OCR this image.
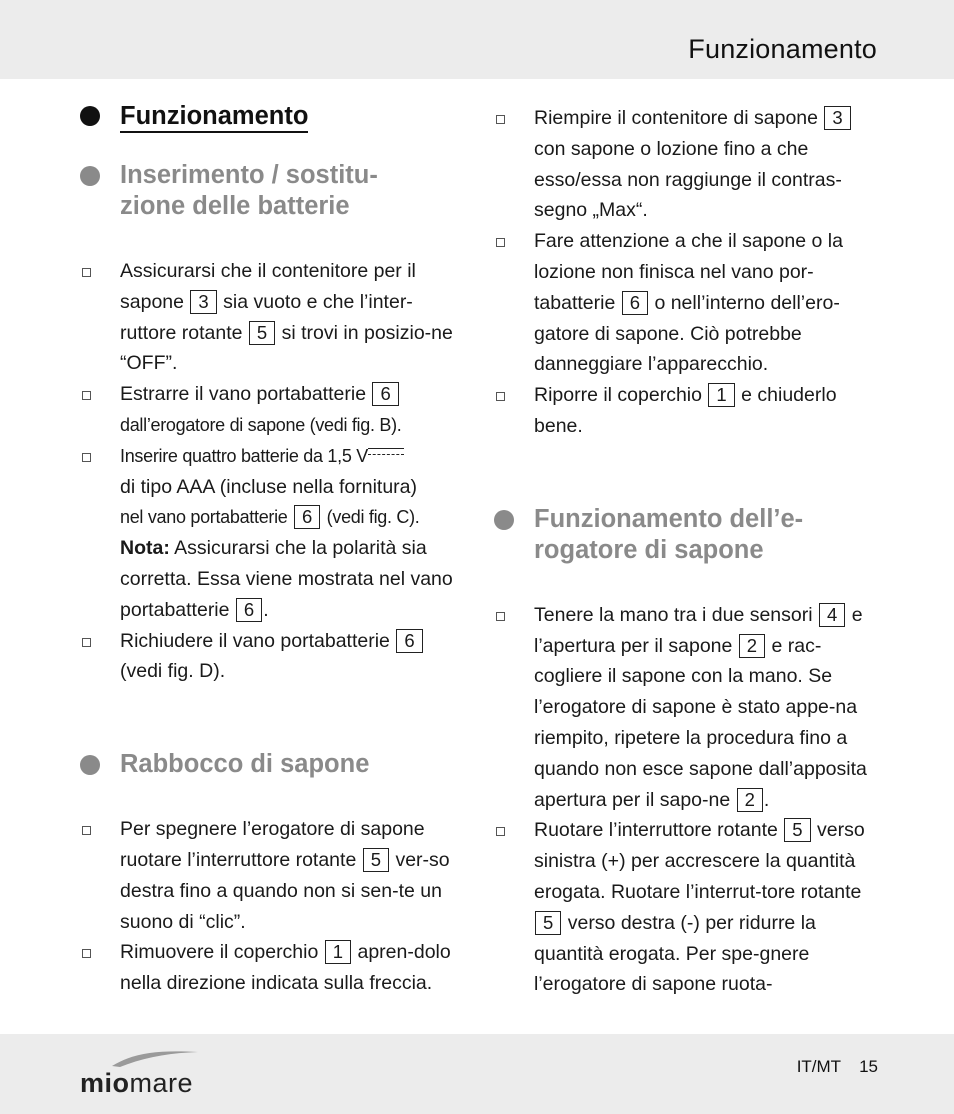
Funzionamento
Funzionamento
Inserimento / sostitu-
zione delle batterie
Assicurarsi che il contenitore per il sapone 3 sia vuoto e che l’inter-ruttore rotante 5 si trovi in posizio-ne “OFF”.
Estrarre il vano portabatterie 6 dall’erogatore di sapone (vedi fig. B).
Inserire quattro batterie da 1,5 V

di tipo AAA (incluse nella fornitura)
nel vano portabatterie 6 (vedi fig. C).
Nota: Assicurarsi che la polarità sia corretta. Essa viene mostrata nel vano portabatterie 6 .
Richiudere il vano portabatterie 6 (vedi fig. D).
Rabbocco di sapone
Per spegnere l’erogatore di sapone ruotare l’interruttore rotante 5 ver-so destra fino a quando non si sen-te un suono di “clic”.
Rimuovere il coperchio 1 apren-dolo nella direzione indicata sulla freccia.
Riempire il contenitore di sapone 3 con sapone o lozione fino a che esso/essa non raggiunge il contras-segno „Max“.
Fare attenzione a che il sapone o la lozione non finisca nel vano por-tabatterie 6 o nell’interno dell’ero-gatore di sapone. Ciò potrebbe danneggiare l’apparecchio.
Riporre il coperchio 1 e chiuderlo bene.
Funzionamento dell’e-
rogatore di sapone
Tenere la mano tra i due sensori 4 e l’apertura per il sapone 2 e rac-cogliere il sapone con la mano. Se l’erogatore di sapone è stato appe-na riempito, ripetere la procedura fino a quando non esce sapone dall’apposita apertura per il sapo-ne 2 .
Ruotare l’interruttore rotante 5 verso sinistra (+) per accrescere la quantità erogata. Ruotare l’interrut-tore rotante 5 verso destra (-) per ridurre la quantità erogata. Per spe-gnere l’erogatore di sapone ruota-
miomare
IT/MT 15
